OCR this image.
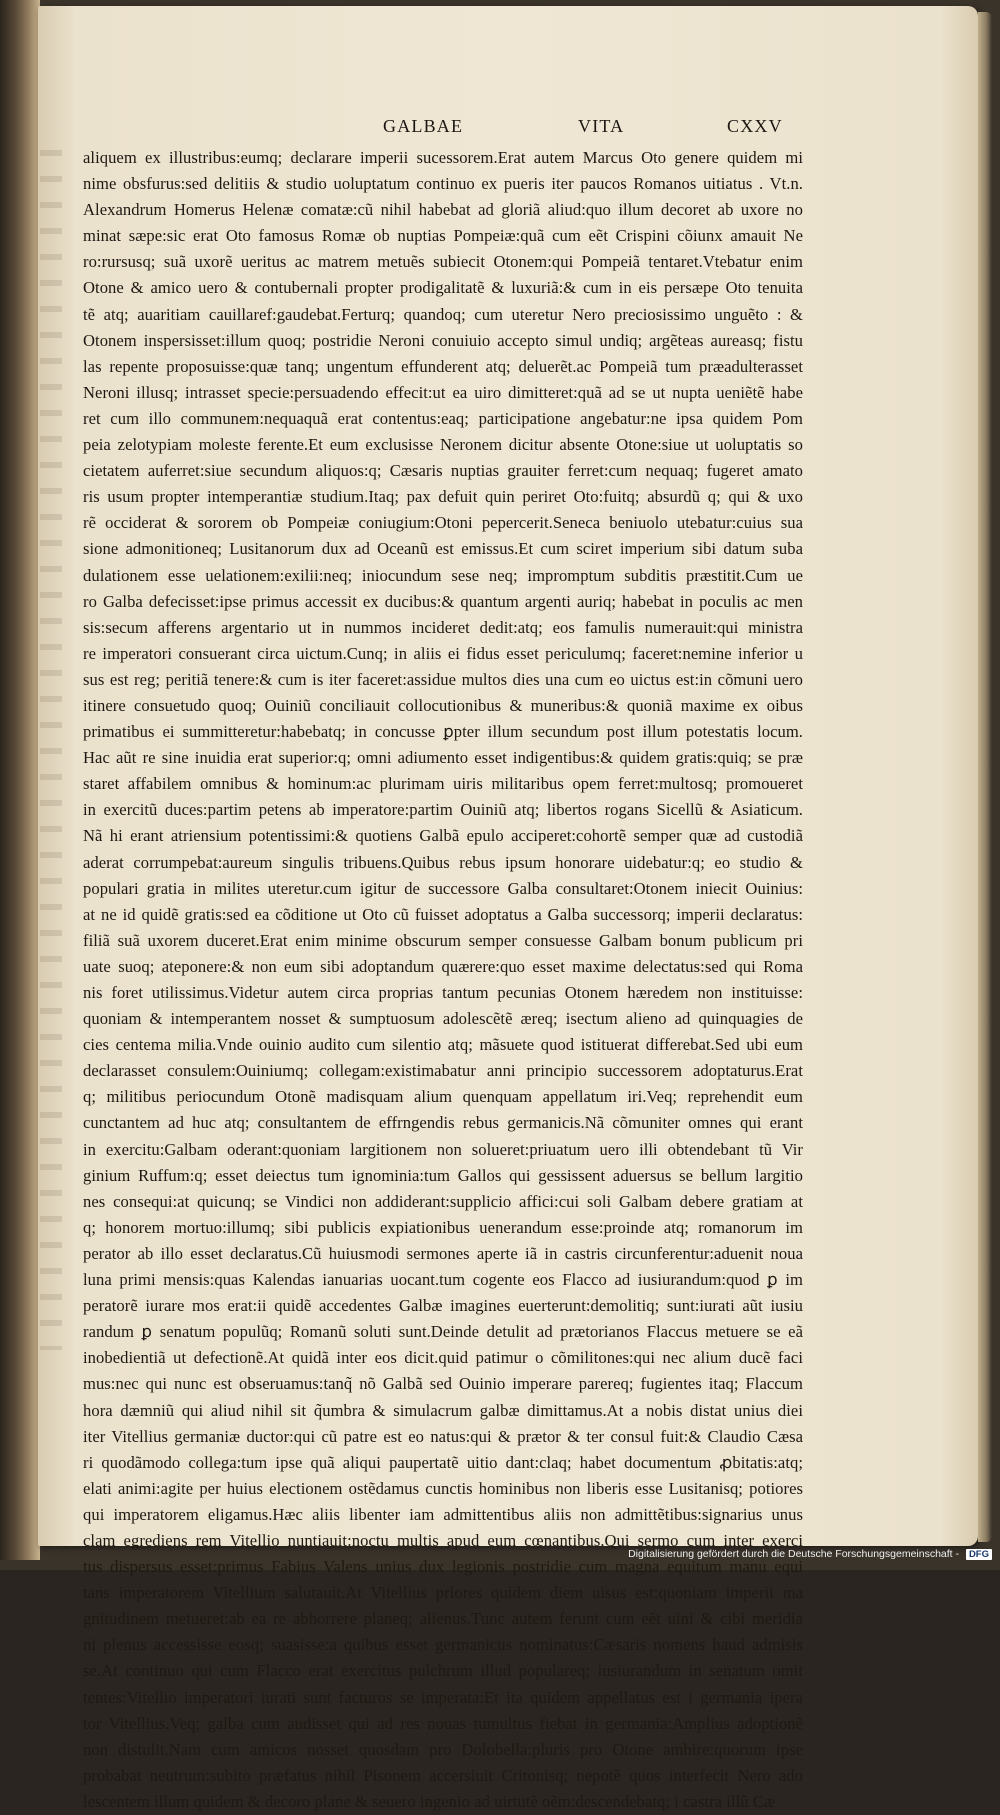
GALBAE	VITA	CXXV
aliquem ex illustribus:eumq; declarare imperii sucessorem.Erat autem Marcus Oto genere quidem mi
nime obsfurus:sed delitiis & studio uoluptatum continuo ex pueris iter paucos Romanos uitiatus . Vt.n.
Alexandrum Homerus Helenæ comatæ:cũ nihil habebat ad gloriã aliud:quo illum decoret ab uxore no
minat sæpe:sic erat Oto famosus Romæ ob nuptias Pompeiæ:quã cum eẽt Crispini cõiunx amauit Ne
ro:rursusq; suã uxorẽ ueritus ac matrem metuẽs subiecit Otonem:qui Pompeiã tentaret.Vtebatur enim
Otone & amico uero & contubernali propter prodigalitatẽ & luxuriã:& cum in eis persæpe Oto tenuita
tẽ atq; auaritiam cauillaref:gaudebat.Ferturq; quandoq; cum uteretur Nero preciosissimo unguẽto : &
Otonem inspersisset:illum quoq; postridie Neroni conuiuio accepto simul undiq; argẽteas aureasq; fistu
las repente proposuisse:quæ tanq; ungentum effunderent atq; deluerẽt.ac Pompeiã tum præadulterasset
Neroni illusq; intrasset specie:persuadendo effecit:ut ea uiro dimitteret:quã ad se ut nupta ueniẽtẽ habe
ret cum illo communem:nequaquã erat contentus:eaq; participatione angebatur:ne ipsa quidem Pom
peia zelotypiam moleste ferente.Et eum exclusisse Neronem dicitur absente Otone:siue ut uoluptatis so
cietatem auferret:siue secundum aliquos:q; Cæsaris nuptias grauiter ferret:cum nequaq; fugeret amato
ris usum propter intemperantiæ studium.Itaq; pax defuit quin periret Oto:fuitq; absurdũ q; qui & uxo
rẽ occiderat & sororem ob Pompeiæ coniugium:Otoni pepercerit.Seneca beniuolo utebatur:cuius sua
sione admonitioneq; Lusitanorum dux ad Oceanũ est emissus.Et cum sciret imperium sibi datum suba
dulationem esse uelationem:exilii:neq; iniocundum sese neq; impromptum subditis præstitit.Cum ue
ro Galba defecisset:ipse primus accessit ex ducibus:& quantum argenti auriq; habebat in poculis ac men
sis:secum afferens argentario ut in nummos incideret dedit:atq; eos famulis numerauit:qui ministra
re imperatori consuerant circa uictum.Cunq; in aliis ei fidus esset periculumq; faceret:nemine inferior u
sus est reg; peritiã tenere:& cum is iter faceret:assidue multos dies una cum eo uictus est:in cõmuni uero
itinere consuetudo quoq; Ouiniũ conciliauit collocutionibus & muneribus:& quoniã maxime ex oibus
primatibus ei summitteretur:habebatq; in concusse ꝑpter illum secundum post illum potestatis locum.
Hac aũt re sine inuidia erat superior:q; omni adiumento esset indigentibus:& quidem gratis:quiq; se præ
staret affabilem omnibus & hominum:ac plurimam uiris militaribus opem ferret:multosq; promoueret
in exercitũ duces:partim petens ab imperatore:partim Ouiniũ atq; libertos rogans Sicellũ & Asiaticum.
Nã hi erant atriensium potentissimi:& quotiens Galbã epulo acciperet:cohortẽ semper quæ ad custodiã
aderat corrumpebat:aureum singulis tribuens.Quibus rebus ipsum honorare uidebatur:q; eo studio &
populari gratia in milites uteretur.cum igitur de successore Galba consultaret:Otonem iniecit Ouinius:
at ne id quidẽ gratis:sed ea cõditione ut Oto cũ fuisset adoptatus a Galba successorq; imperii declaratus:
filiã suã uxorem duceret.Erat enim minime obscurum semper consuesse Galbam bonum publicum pri
uate suoq; ateponere:& non eum sibi adoptandum quærere:quo esset maxime delectatus:sed qui Roma
nis foret utilissimus.Videtur autem circa proprias tantum pecunias Otonem hæredem non instituisse:
quoniam & intemperantem nosset & sumptuosum adolescẽtẽ æreq; isectum alieno ad quinquagies de
cies centema milia.Vnde ouinio audito cum silentio atq; mãsuete quod istituerat differebat.Sed ubi eum
declarasset consulem:Ouiniumq; collegam:existimabatur anni principio successorem adoptaturus.Erat
q; militibus periocundum Otonẽ madisquam alium quenquam appellatum iri.Veq; reprehendit eum
cunctantem ad huc atq; consultantem de effrngendis rebus germanicis.Nã cõmuniter omnes qui erant
in exercitu:Galbam oderant:quoniam largitionem non solueret:priuatum uero illi obtendebant tũ Vir
ginium Ruffum:q; esset deiectus tum ignominia:tum Gallos qui gessissent aduersus se bellum largitio
nes consequi:at quicunq; se Vindici non addiderant:supplicio affici:cui soli Galbam debere gratiam at
q; honorem mortuo:illumq; sibi publicis expiationibus uenerandum esse:proinde atq; romanorum im
perator ab illo esset declaratus.Cũ huiusmodi sermones aperte iã in castris circunferentur:aduenit noua
luna primi mensis:quas Kalendas ianuarias uocant.tum cogente eos Flacco ad iusiurandum:quod ꝑ im
peratorẽ iurare mos erat:ii quidẽ accedentes Galbæ imagines euerterunt:demolitiq; sunt:iurati aũt iusiu
randum ꝑ senatum populũq; Romanũ soluti sunt.Deinde detulit ad prætorianos Flaccus metuere se eã
inobedientiã ut defectionẽ.At quidã inter eos dicit.quid patimur o cõmilitones:qui nec alium ducẽ faci
mus:nec qui nunc est obseruamus:tanq̃ nõ Galbã sed Ouinio imperare parereq; fugientes itaq; Flaccum
hora dæmniũ qui aliud nihil sit q̃umbra & simulacrum galbæ dimittamus.At a nobis distat unius diei
iter Vitellius germaniæ ductor:qui cũ patre est eo natus:qui & prætor & ter consul fuit:& Claudio Cæsa
ri quodãmodo collega:tum ipse quã aliqui paupertatẽ uitio dant:claq; habet documentum ꝓbitatis:atq;
elati animi:agite per huius electionem ostẽdamus cunctis hominibus non liberis esse Lusitanisq; potiores
qui imperatorem eligamus.Hæc aliis libenter iam admittentibus aliis non admittẽtibus:signarius unus
clam egrediens rem Vitellio nuntiauit:noctu multis apud eum cœnantibus.Qui sermo cum inter exerci
tus dispersus esset:primus Fabius Valens unius dux legionis postridie cum magna equitum manu equi
tans imperatorem Vitellium salutauit.At Vitellius priores quidem diem uisus est:quoniam imperii ma
gnitudinem metueret:ab ea re abhorrere planeq; alienus.Tunc autem ferunt cum eẽt uini & cibi meridia
ni plenus accessisse eosq; suasisse:a quibus esset germanicus nominatus:Cæsaris nomens haud admisis
se.At continuo qui cum Flacco erat exercitus pulchrum illud populareq; iusiurandum in senatum omit
tentes:Vitellio imperatori iurati sunt facturos se imperata:Et ita quidem appellatus est i germania ipera
tor Vitellius.Veq; galba cum audisset qui ad res nouas tumultus fiebat in germania:Amplius adoptionẽ
non distulit.Nam cum amicos nosset quosdam pro Dolobella:pluris pro Otone ambire:quorum ipse
probabat neutrum:subito præfatus nihil Pisonem accersiuit Critonisq; nepotẽ quos interfecit Nero ado
lescentem illum quidem & decoro plane & seuero ingenio ad uirtutẽ oẽm:descendebatq; i castra illũ Cæ
Digitalisierung gefördert durch die Deutsche Forschungsgemeinschaft - DFG
